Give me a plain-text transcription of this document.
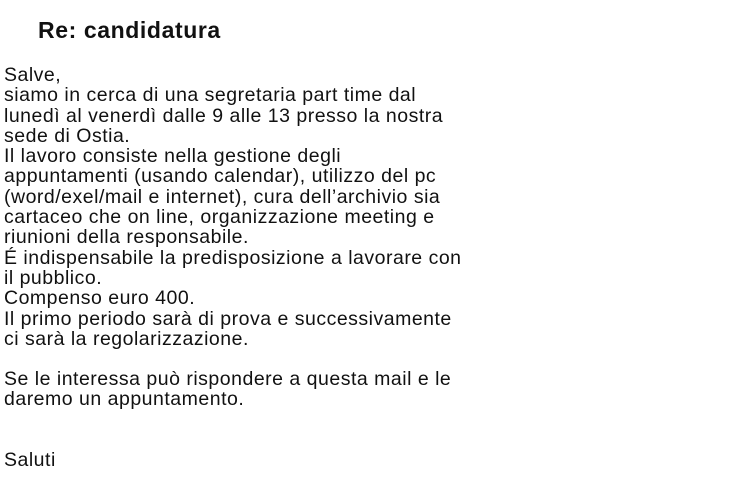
Re: candidatura
Salve,
siamo in cerca di una segretaria part time dal
lunedì al venerdì dalle 9 alle 13 presso la nostra
sede di Ostia.
Il lavoro consiste nella gestione degli
appuntamenti (usando calendar), utilizzo del pc
(word/exel/mail e internet), cura dell’archivio sia
cartaceo che on line, organizzazione meeting e
riunioni della responsabile.
É indispensabile la predisposizione a lavorare con
il pubblico.
Compenso euro 400.
Il primo periodo sarà di prova e successivamente
ci sarà la regolarizzazione.
Se le interessa può rispondere a questa mail e le
daremo un appuntamento.
Saluti
